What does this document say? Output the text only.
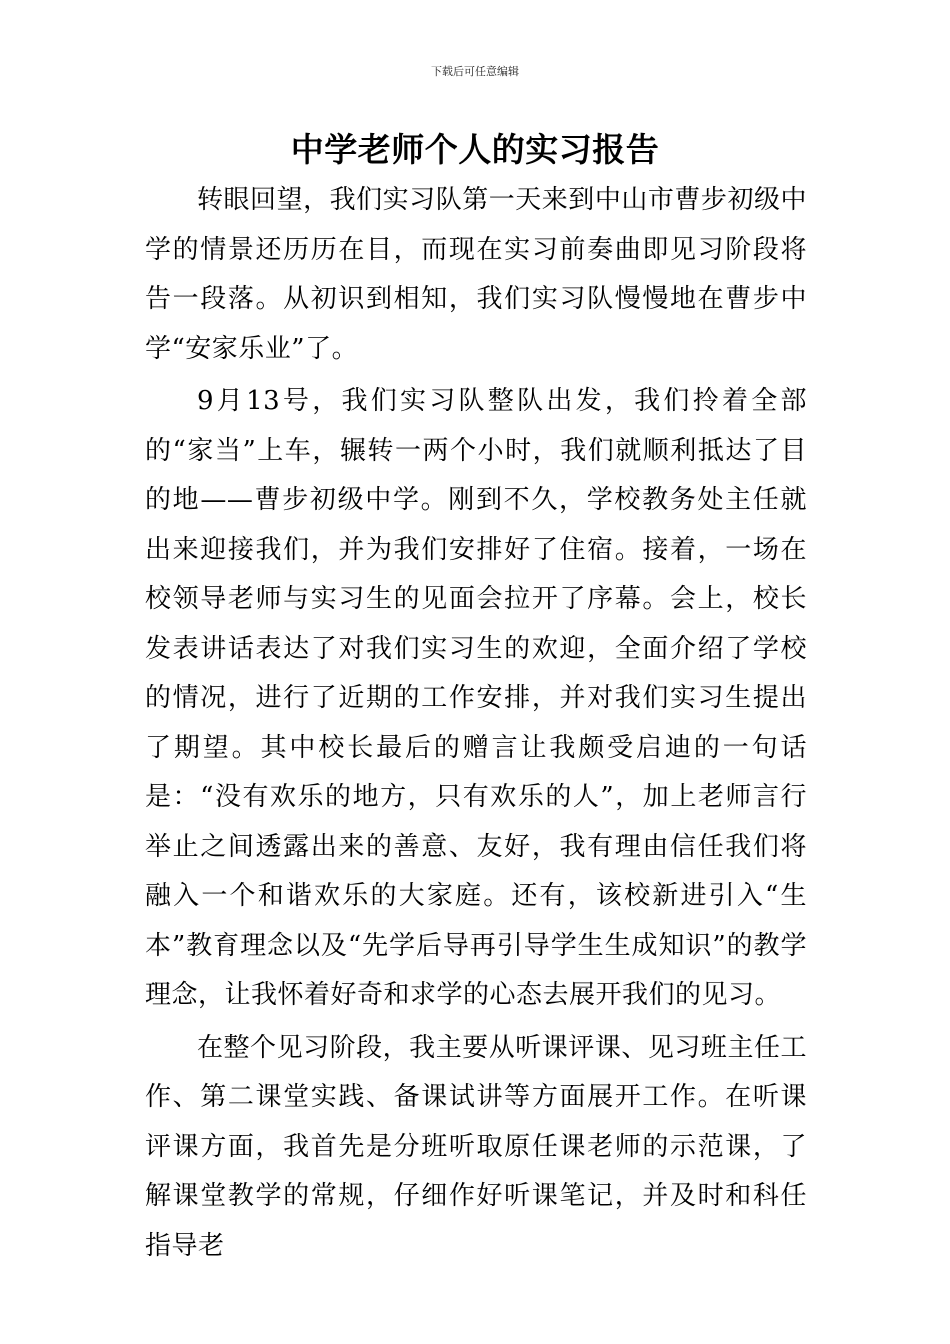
下载后可任意编辑
中学老师个人的实习报告

转眼回望，我们实习队第一天来到中山市曹步初级中学的情景还历历在目，而现在实习前奏曲即见习阶段将告一段落。从初识到相知，我们实习队慢慢地在曹步中学“安家乐业”了。

9月13号，我们实习队整队出发，我们拎着全部的“家当”上车，辗转一两个小时，我们就顺利抵达了目的地——曹步初级中学。刚到不久，学校教务处主任就出来迎接我们，并为我们安排好了住宿。接着，一场在校领导老师与实习生的见面会拉开了序幕。会上，校长发表讲话表达了对我们实习生的欢迎，全面介绍了学校的情况，进行了近期的工作安排，并对我们实习生提出了期望。其中校长最后的赠言让我颇受启迪的一句话是：“没有欢乐的地方，只有欢乐的人”，加上老师言行举止之间透露出来的善意、友好，我有理由信任我们将融入一个和谐欢乐的大家庭。还有，该校新进引入“生本”教育理念以及“先学后导再引导学生生成知识”的教学理念，让我怀着好奇和求学的心态去展开我们的见习。

在整个见习阶段，我主要从听课评课、见习班主任工作、第二课堂实践、备课试讲等方面展开工作。在听课评课方面，我首先是分班听取原任课老师的示范课，了解课堂教学的常规，仔细作好听课笔记，并及时和科任指导老
